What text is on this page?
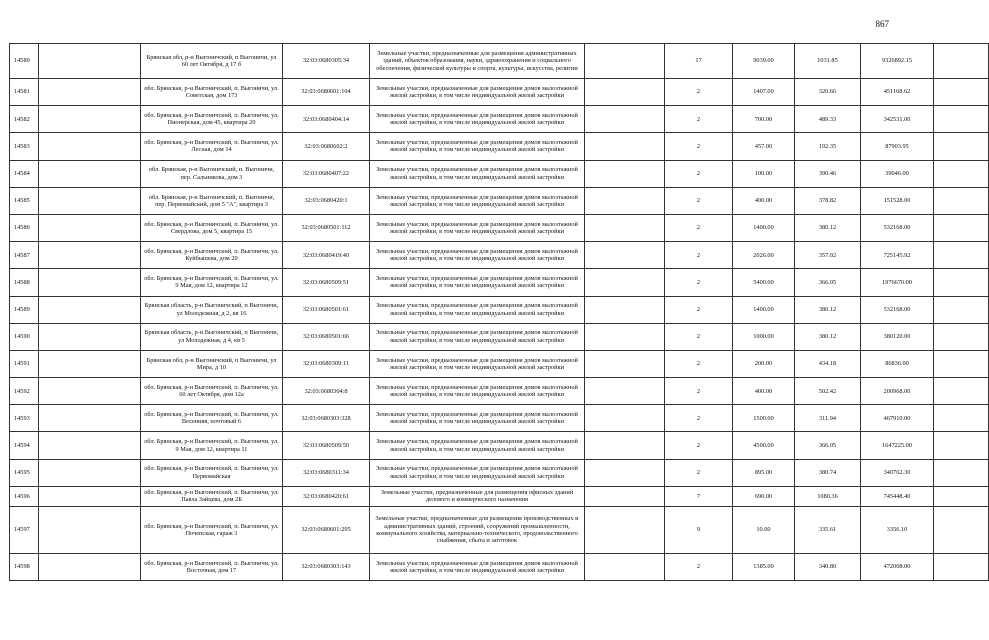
867
14580		Брянская обл, р-н Выгоничский, п Выгоничи, ул 60 лет Октября, д 17 б	32:03:0680305:34	Земельные участки, предназначенные для размещения административных зданий, объектов образования, науки, здравоохранения и социального обеспечения, физической культуры и спорта, культуры, искусства, религии		17	9039.00	1031.85	9326892.15	
14581		обл. Брянская, р-н Выгоничский, п. Выгоничи, ул. Советская, дом 173	32:03:0680601:104	Земельные участки, предназначенные для размещения домов малоэтажной жилой застройки, в том числе индивидуальной жилой застройки		2	1407.00	320.66	451168.62	
14582		обл. Брянская, р-н Выгоничский, п. Выгоничи, ул. Пионерская, дом 45, квартира 20	32:03:0680404:14	Земельные участки, предназначенные для размещения домов малоэтажной жилой застройки, в том числе индивидуальной жилой застройки		2	700.00	489.33	342531.00	
14583		обл. Брянская, р-н Выгоничский, п. Выгоничи, ул. Лесная, дом 14	32:03:0680602:2	Земельные участки, предназначенные для размещения домов малоэтажной жилой застройки, в том числе индивидуальной жилой застройки		2	457.00	192.35	87903.95	
14584		обл. Брянская, р-н Выгоничский, п. Выгоничи, пер. Сальникова, дом 3	32:03:0680407:22	Земельные участки, предназначенные для размещения домов малоэтажной жилой застройки, в том числе индивидуальной жилой застройки		2	100.00	390.46	39046.00	
14585		обл. Брянская, р-н Выгоничский, п. Выгоничи, пер. Первомайский, дом 5 "А", квартира 3	32:03:0680420:1	Земельные участки, предназначенные для размещения домов малоэтажной жилой застройки, в том числе индивидуальной жилой застройки		2	400.00	378.82	151528.00	
14586		обл. Брянская, р-н Выгоничский, п. Выгоничи, ул. Свердлова, дом 5, квартира 15	32:03:0680501:112	Земельные участки, предназначенные для размещения домов малоэтажной жилой застройки, в том числе индивидуальной жилой застройки		2	1400.00	380.12	532168.00	
14587		обл. Брянская, р-н Выгоничский, п. Выгоничи, ул. Куйбышева, дом 20	32:03:0680419:40	Земельные участки, предназначенные для размещения домов малоэтажной жилой застройки, в том числе индивидуальной жилой застройки		2	2026.00	357.92	725145.92	
14588		обл. Брянская, р-н Выгоничский, п. Выгоничи, ул. 9 Мая, дом 12, квартира 12	32:03:0680509:51	Земельные участки, предназначенные для размещения домов малоэтажной жилой застройки, в том числе индивидуальной жилой застройки		2	5400.00	366.05	1976670.00	
14589		Брянская область, р-н Выгоничский, п Выгоничи, ул Молодежная, д 2, кв 16	32:03:0680501:61	Земельные участки, предназначенные для размещения домов малоэтажной жилой застройки, в том числе индивидуальной жилой застройки		2	1400.00	380.12	532168.00	
14590		Брянская область, р-н Выгоничский, п Выгоничи, ул Молодежная, д 4, кв 5	32:03:0680501:66	Земельные участки, предназначенные для размещения домов малоэтажной жилой застройки, в том числе индивидуальной жилой застройки		2	1000.00	380.12	380120.00	
14591		Брянская обл, р-н Выгоничский, п Выгоничи, ул Мира, д 10	32:03:0680309:11	Земельные участки, предназначенные для размещения домов малоэтажной жилой застройки, в том числе индивидуальной жилой застройки		2	200.00	434.18	86836.00	
14592		обл. Брянская, р-н Выгоничский, п. Выгоничи, ул. 60 лет Октября, дом 12а	32:03:0680304:8	Земельные участки, предназначенные для размещения домов малоэтажной жилой застройки, в том числе индивидуальной жилой застройки		2	400.00	502.42	200968.00	
14593		обл. Брянская, р-н Выгоничский, п. Выгоничи, ул. Весенняя, почтовый 6	32:03:0680303:328	Земельные участки, предназначенные для размещения домов малоэтажной жилой застройки, в том числе индивидуальной жилой застройки		2	1500.00	311.94	467910.00	
14594		обл. Брянская, р-н Выгоничский, п. Выгоничи, ул. 9 Мая, дом 12, квартира 11	32:03:0680509:50	Земельные участки, предназначенные для размещения домов малоэтажной жилой застройки, в том числе индивидуальной жилой застройки		2	4500.00	366.05	1647225.00	
14595		обл. Брянская, р-н Выгоничский, п. Выгоничи, ул. Первомайская	32:03:0680311:34	Земельные участки, предназначенные для размещения домов малоэтажной жилой застройки, в том числе индивидуальной жилой застройки		2	895.00	380.74	340762.30	
14596		обл. Брянская, р-н Выгоничский, п. Выгоничи, ул. Павла Зайцева, дом 2Б	32:03:0680420:61	Земельные участки, предназначенные для размещения офисных зданий делового и коммерческого назначения		7	690.00	1080.36	745448.40	
14597		обл. Брянская, р-н Выгоничский, п. Выгоничи, ул. Почепская, гараж 3	32:03:0680601:295	Земельные участки, предназначенные для размещения производственных и административных зданий, строений, сооружений промышленности, коммунального хозяйства, материально-технического, продовольственного снабжения, сбыта и заготовок		9	10.00	335.61	3356.10	
14598		обл. Брянская, р-н Выгоничский, п. Выгоничи, ул. Восточная, дом 17	32:03:0680303:143	Земельные участки, предназначенные для размещения домов малоэтажной жилой застройки, в том числе индивидуальной жилой застройки		2	1385.00	340.80	472008.00	
